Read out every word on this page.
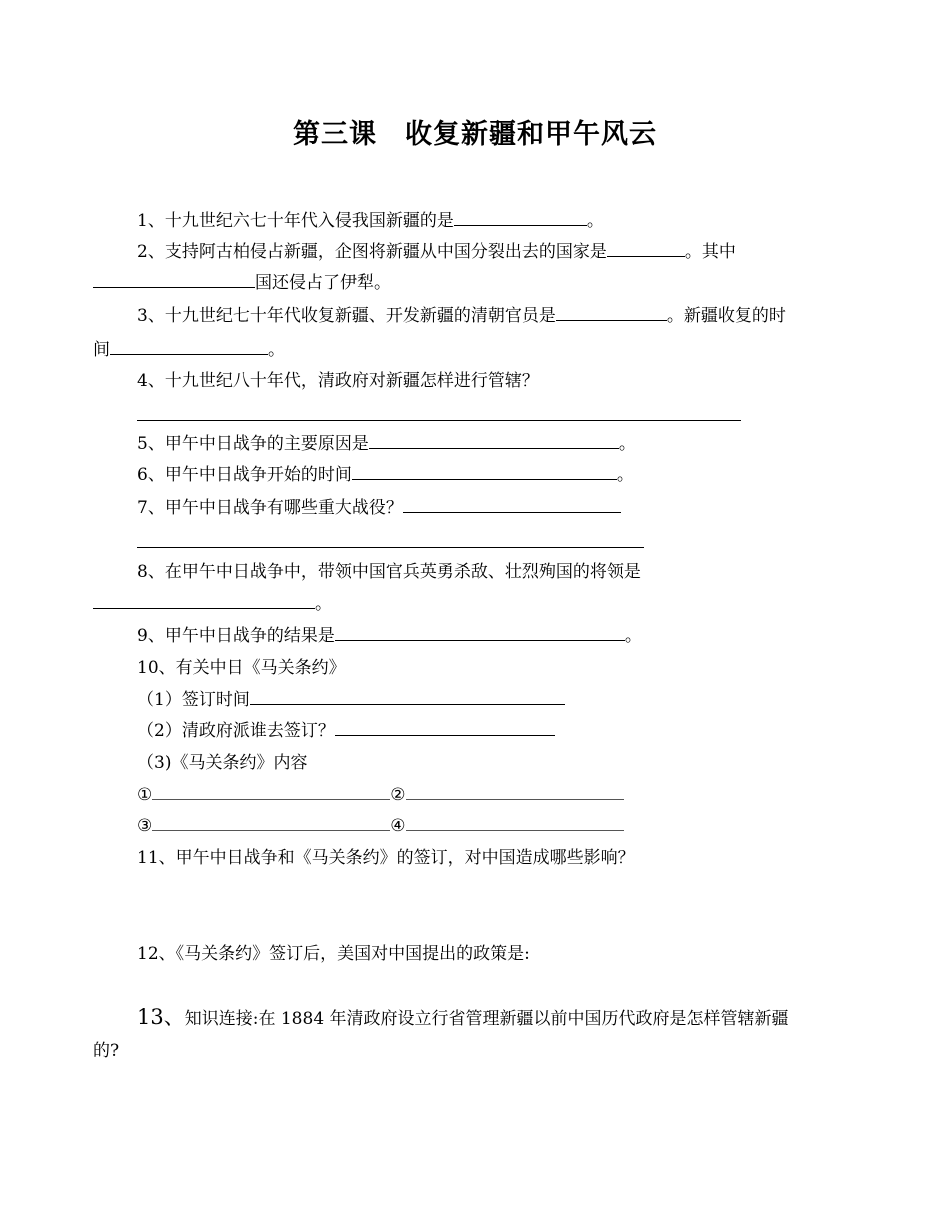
第三课　收复新疆和甲午风云
1、十九世纪六七十年代入侵我国新疆的是	。
2、支持阿古柏侵占新疆，企图将新疆从中国分裂出去的国家是	。其中
国还侵占了伊犁。
3、十九世纪七十年代收复新疆、开发新疆的清朝官员是	。新疆收复的时
间	。
4、十九世纪八十年代，清政府对新疆怎样进行管辖？
5、甲午中日战争的主要原因是	。
6、甲午中日战争开始的时间	。
7、甲午中日战争有哪些重大战役？
8、在甲午中日战争中，带领中国官兵英勇杀敌、壮烈殉国的将领是
。
9、甲午中日战争的结果是	。
10、有关中日《马关条约》
（1）签订时间
（2）清政府派谁去签订？
（3)《马关条约》内容
①	②
③	④
11、甲午中日战争和《马关条约》的签订，对中国造成哪些影响？
12、《马关条约》签订后，美国对中国提出的政策是:
13、知识连接:在 1884 年清政府设立行省管理新疆以前中国历代政府是怎样管辖新疆
的?
